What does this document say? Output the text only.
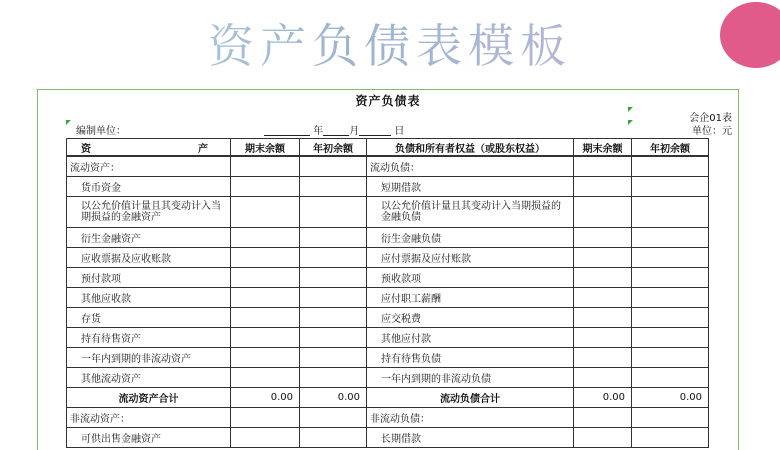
资产负债表模板
资产负债表
会企01表
编制单位：	年	月	日	单位：元
资　产	期末余额	年初余额	负债和所有者权益（或股东权益）	期末余额	年初余额
流动资产：			流动负债：		
货币资金			短期借款		
以公允价值计量且其变动计入当期损益的金融资产			以公允价值计量且其变动计入当期损益的金融负债		
衍生金融资产			衍生金融负债		
应收票据及应收账款			应付票据及应付账款		
预付款项			预收款项		
其他应收款			应付职工薪酬		
存货			应交税费		
持有待售资产			其他应付款		
一年内到期的非流动资产			持有待售负债		
其他流动资产			一年内到期的非流动负债		
流动资产合计	0.00	0.00	流动负债合计	0.00	0.00
非流动资产：			非流动负债：		
可供出售金融资产			长期借款		
